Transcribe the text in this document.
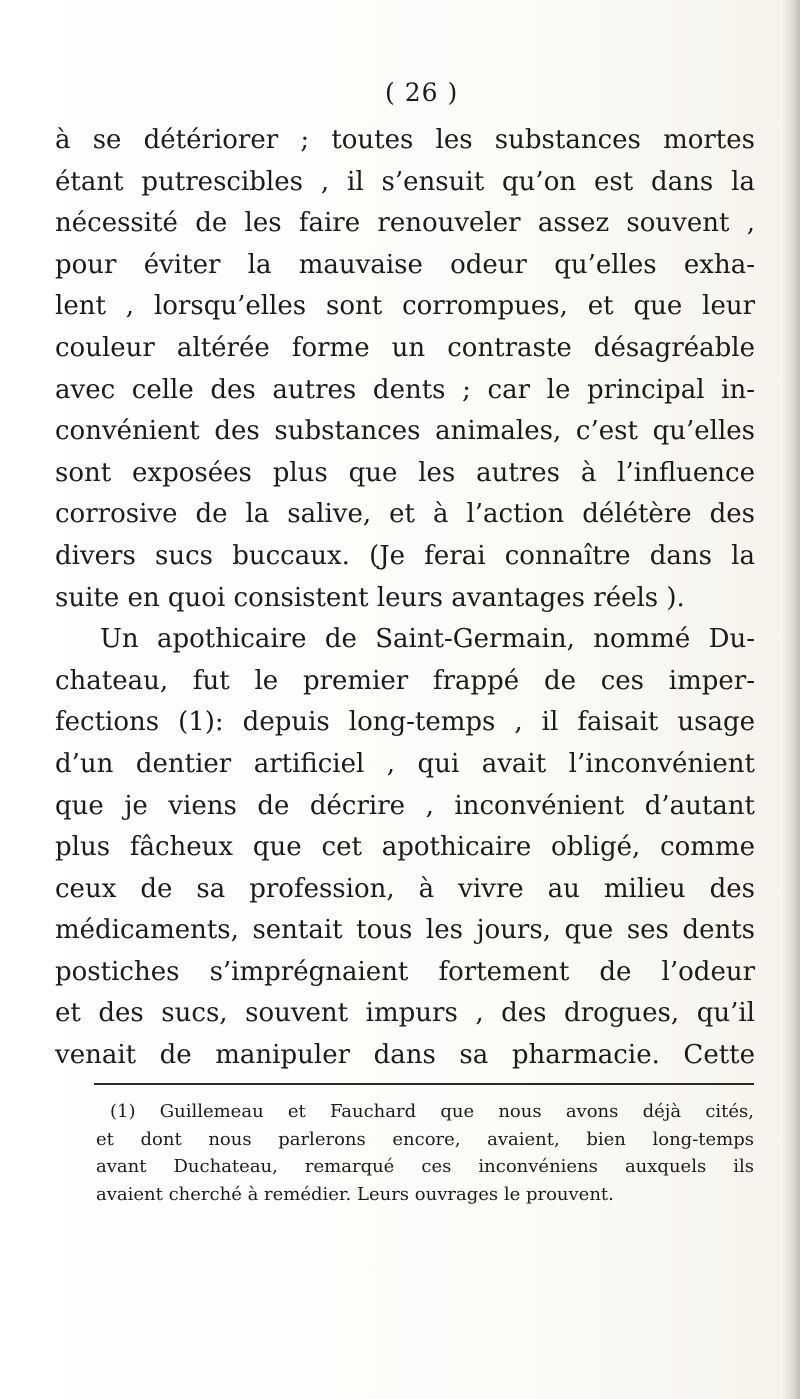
( 26 )
à se détériorer ; toutes les substances mortes
étant putrescibles , il s’ensuit qu’on est dans la
nécessité de les faire renouveler assez souvent ,
pour éviter la mauvaise odeur qu’elles exha-
lent , lorsqu’elles sont corrompues, et que leur
couleur altérée forme un contraste désagréable
avec celle des autres dents ; car le principal in-
convénient des substances animales, c’est qu’elles
sont exposées plus que les autres à l’influence
corrosive de la salive, et à l’action délétère des
divers sucs buccaux. (Je ferai connaître dans la
suite en quoi consistent leurs avantages réels ).
Un apothicaire de Saint-Germain, nommé Du-
chateau, fut le premier frappé de ces imper-
fections (1): depuis long-temps , il faisait usage
d’un dentier artificiel , qui avait l’inconvénient
que je viens de décrire , inconvénient d’autant
plus fâcheux que cet apothicaire obligé, comme
ceux de sa profession, à vivre au milieu des
médicaments, sentait tous les jours, que ses dents
postiches s’imprégnaient fortement de l’odeur
et des sucs, souvent impurs , des drogues, qu’il
venait de manipuler dans sa pharmacie. Cette
(1) Guillemeau et Fauchard que nous avons déjà cités,
et dont nous parlerons encore, avaient, bien long-temps
avant Duchateau, remarqué ces inconvéniens auxquels ils
avaient cherché à remédier. Leurs ouvrages le prouvent.
